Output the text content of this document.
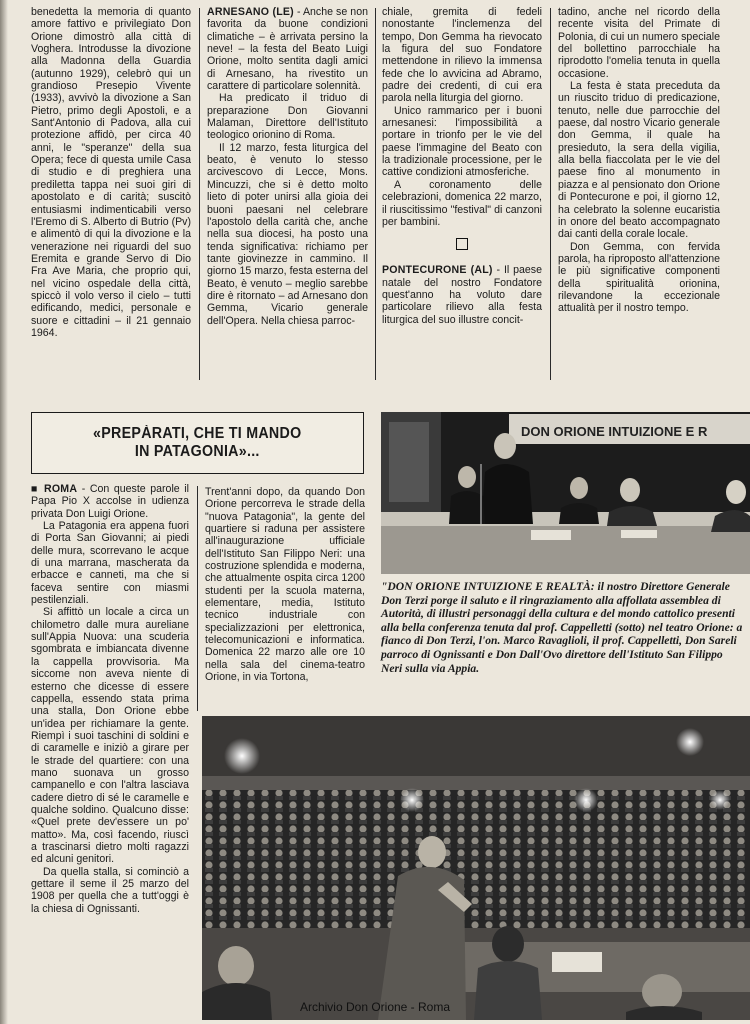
benedetta la memoria di quanto amore fattivo e privilegiato Don Orione dimostrò alla città di Voghera. Introdusse la divozione alla Madonna della Guardia (autunno 1929), celebrò qui un grandioso Presepio Vivente (1933), avvivò la divozione a San Pietro, primo degli Apostoli, e a Sant'Antonio di Padova, alla cui protezione affidò, per circa 40 anni, le "speranze" della sua Opera; fece di questa umile Casa di studio e di preghiera una prediletta tappa nei suoi giri di apostolato e di carità; suscitò entusiasmi indimenticabili verso l'Eremo di S. Alberto di Butrio (Pv) e alimentò di qui la divozione e la venerazione nei riguardi del suo Eremita e grande Servo di Dio Fra Ave Maria, che proprio qui, nel vicino ospedale della città, spiccò il volo verso il cielo – tutti edificando, medici, personale e suore e cittadini – il 21 gennaio 1964.

ARNESANO (LE) - Anche se non favorita da buone condizioni climatiche – è arrivata persino la neve! – la festa del Beato Luigi Orione, molto sentita dagli amici di Arnesano, ha rivestito un carattere di particolare solennità.

Ha predicato il triduo di preparazione Don Giovanni Malaman, Direttore dell'Istituto teologico orionino di Roma.

Il 12 marzo, festa liturgica del beato, è venuto lo stesso arcivescovo di Lecce, Mons. Mincuzzi, che si è detto molto lieto di poter unirsi alla gioia dei buoni paesani nel celebrare l'apostolo della carità che, anche nella sua diocesi, ha posto una tenda significativa: richiamo per tante giovinezze in cammino. Il giorno 15 marzo, festa esterna del Beato, è venuto – meglio sarebbe dire è ritornato – ad Arnesano don Gemma, Vicario generale dell'Opera. Nella chiesa parroc-

chiale, gremita di fedeli nonostante l'inclemenza del tempo, Don Gemma ha rievocato la figura del suo Fondatore mettendone in rilievo la immensa fede che lo avvicina ad Abramo, padre dei credenti, di cui era parola nella liturgia del giorno.

Unico rammarico per i buoni arnesanesi: l'impossibilità a portare in trionfo per le vie del paese l'immagine del Beato con la tradizionale processione, per le cattive condizioni atmosferiche.

A coronamento delle celebrazioni, domenica 22 marzo, il riuscitissimo "festival" di canzoni per bambini.

PONTECURONE (AL) - Il paese natale del nostro Fondatore quest'anno ha voluto dare particolare rilievo alla festa liturgica del suo illustre concit-

tadino, anche nel ricordo della recente visita del Primate di Polonia, di cui un numero speciale del bollettino parrocchiale ha riprodotto l'omelia tenuta in quella occasione.

La festa è stata preceduta da un riuscito triduo di predicazione, tenuto, nelle due parrocchie del paese, dal nostro Vicario generale don Gemma, il quale ha presieduto, la sera della vigilia, alla bella fiaccolata per le vie del paese fino al monumento in piazza e al pensionato don Orione di Pontecurone e poi, il giorno 12, ha celebrato la solenne eucaristia in onore del beato accompagnato dai canti della corale locale.

Don Gemma, con fervida parola, ha riproposto all'attenzione le più significative componenti della spiritualità orionina, rilevandone la eccezionale attualità per il nostro tempo.

«PREPÀRATI, CHE TI MANDO
IN PATAGONIA»...

■ ROMA - Con queste parole il Papa Pio X accolse in udienza privata Don Luigi Orione.

La Patagonia era appena fuori di Porta San Giovanni; ai piedi delle mura, scorrevano le acque di una marrana, mascherata da erbacce e canneti, ma che si faceva sentire con miasmi pestilenziali.

Si affittò un locale a circa un chilometro dalle mura aureliane sull'Appia Nuova: una scuderia sgombrata e imbiancata divenne la cappella provvisoria. Ma siccome non aveva niente di esterno che dicesse di essere cappella, essendo stata prima una stalla, Don Orione ebbe un'idea per richiamare la gente. Riempì i suoi taschini di soldini e di caramelle e iniziò a girare per le strade del quartiere: con una mano suonava un grosso campanello e con l'altra lasciava cadere dietro di sé le caramelle e qualche soldino. Qualcuno disse: «Quel prete dev'essere un po' matto». Ma, così facendo, riuscì a trascinarsi dietro molti ragazzi ed alcuni genitori.

Da quella stalla, si cominciò a gettare il seme il 25 marzo del 1908 per quella che a tutt'oggi è la chiesa di Ognissanti.

Trent'anni dopo, da quando Don Orione percorreva le strade della "nuova Patagonia", la gente del quartiere si raduna per assistere all'inaugurazione ufficiale dell'Istituto San Filippo Neri: una costruzione splendida e moderna, che attualmente ospita circa 1200 studenti per la scuola materna, elementare, media, Istituto tecnico industriale con specializzazioni per elettronica, telecomunicazioni e informatica. Domenica 22 marzo alle ore 10 nella sala del cinema-teatro Orione, in via Tortona,

DON ORIONE INTUIZIONE E R
"DON ORIONE INTUIZIONE E REALTÀ: il nostro Direttore Generale Don Terzi porge il saluto e il ringraziamento alla affollata assemblea di Autorità, di illustri personaggi della cultura e del mondo cattolico presenti alla bella conferenza tenuta dal prof. Cappelletti (sotto) nel teatro Orione: a fianco di Don Terzi, l'on. Marco Ravaglioli, il prof. Cappelletti, Don Sareli parroco di Ognissanti e Don Dall'Ovo direttore dell'Istituto San Filippo Neri sulla via Appia.
Archivio Don Orione - Roma
